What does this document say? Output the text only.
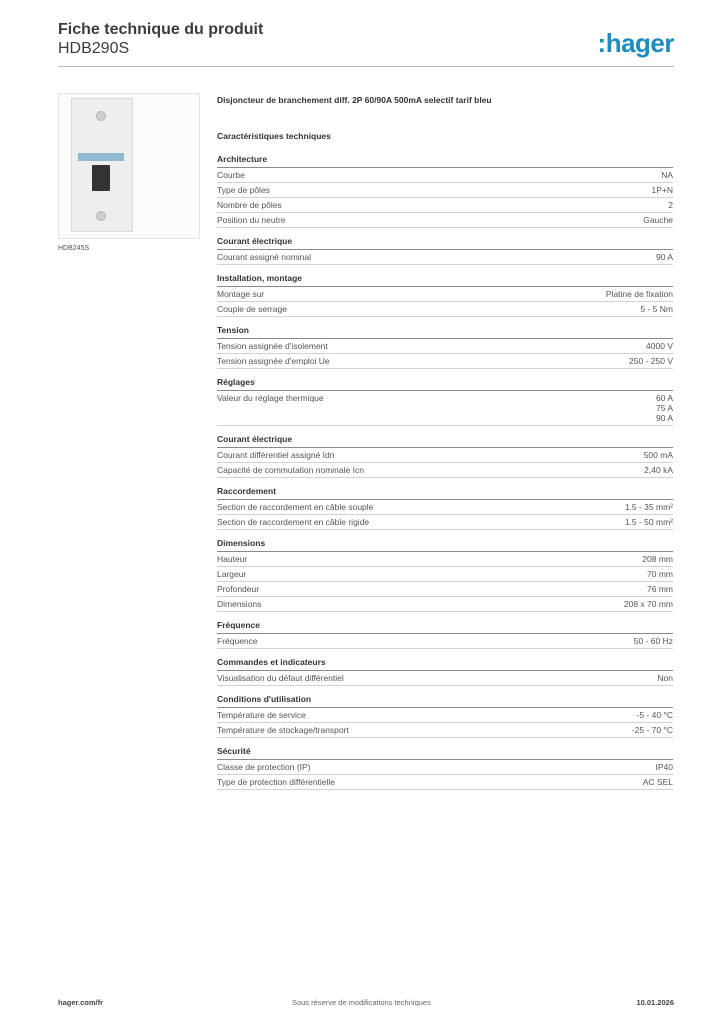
Fiche technique du produit
HDB290S	:hager
HDB245S
Disjoncteur de branchement diff. 2P 60/90A 500mA selectif tarif bleu
Caractéristiques techniques
Architecture
Courbe	NA
Type de pôles	1P+N
Nombre de pôles	2
Position du neutre	Gauche
Courant électrique
Courant assigné nominal	90 A
Installation, montage
Montage sur	Platine de fixation
Couple de serrage	5 - 5 Nm
Tension
Tension assignée d'isolement	4000 V
Tension assignée d'emploi Ue	250 - 250 V
Réglages
Valeur du réglage thermique	60 A
75 A
90 A
Courant électrique
Courant différentiel assigné Idn	500 mA
Capacité de commutation nominale Icn	2,40 kA
Raccordement
Section de raccordement en câble souple	1.5 - 35 mm²
Section de raccordement en câble rigide	1.5 - 50 mm²
Dimensions
Hauteur	208 mm
Largeur	70 mm
Profondeur	76 mm
Dimensions	208 x 70 mm
Fréquence
Fréquence	50 - 60 Hz
Commandes et indicateurs
Visualisation du défaut différentiel	Non
Conditions d'utilisation
Température de service	-5 - 40 °C
Température de stockage/transport	-25 - 70 °C
Sécurité
Classe de protection (IP)	IP40
Type de protection différentielle	AC SEL
hager.com/fr	Sous réserve de modifications techniques	10.01.2026
